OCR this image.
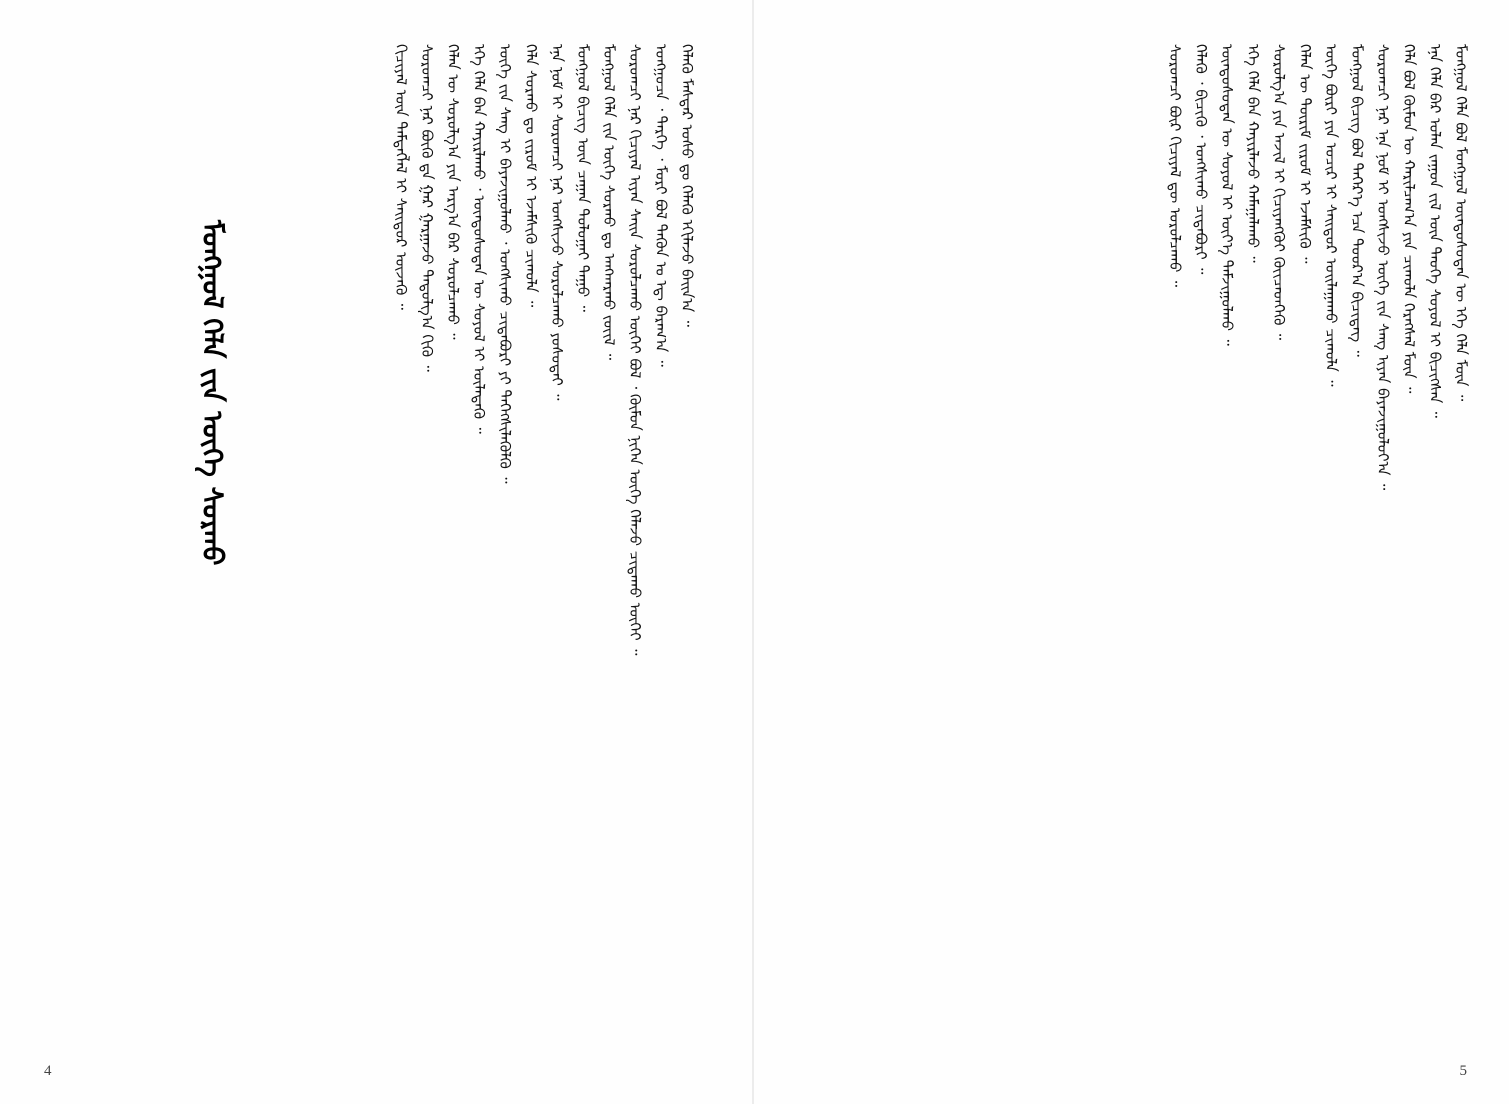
ᠬᠡᠯᠡᠬᠦ ᠮᠠᠰᠲᠠᠷ ᠤᠰᠤ ᠳᠤ ᠬᠡᠯᠡᠬᠦ ᠡᠬᠢᠯᠡᠵᠦ ᠪᠠᠢᠨ᠎ᠠ ᠃
ᠣᠩᠭᠤᠴᠠ ᠂ ᠲᠡᠷᠭᠡ ᠂ ᠮᠣᠷᠢ ᠪᠣᠯ ᠲᠡᠭᠦᠨ ᠤ ᠡᠳ᠋ ᠪᠠᠷᠠᠭ᠎ᠠ ᠃
ᠰᠤᠷᠤᠭᠴᠢ ᠨᠠᠷ ᠬᠢᠴᠢᠶᠡᠯ ᠢᠶᠡᠨ ᠰᠠᠢᠨ ᠰᠤᠷᠤᠯᠴᠠᠬᠤ ᠦᠭᠡᠢ ᠪᠣᠯ ᠂ ᠬᠦᠮᠦᠨ ᠨᠢᠭᠡᠨ ᠦᠭᠡ ᠬᠡᠯᠡᠵᠦ ᠴᠢᠳᠠᠬᠤ ᠦᠭᠡᠢ ᠃
ᠮᠣᠩᠭᠣᠯ ᠬᠡᠯᠡ ᠵᠢᠨ ᠦᠭᠡ ᠰᠤᠷᠬᠤ ᠳᠤ ᠠᠩᠬᠠᠷᠬᠤ ᠵᠦᠢᠯ ᠃
ᠮᠣᠩᠭᠣᠯ ᠪᠢᠴᠢᠭ ᠦᠨ ᠴᠠᠭᠠᠨ ᠲᠣᠯᠣᠭᠠᠢ ᠳᠠᠭᠤ ᠃
ᠡᠨᠡ ᠨᠣᠮ ᠢ ᠰᠤᠷᠤᠭᠴᠢ ᠨᠠᠷ ᠤᠩᠰᠢᠵᠤ ᠰᠤᠷᠤᠯᠴᠠᠬᠤ ᠶᠣᠰᠣᠲᠠᠢ ᠃
ᠬᠡᠯᠡ ᠰᠤᠷᠬᠤ ᠳᠤ ᠵᠢᠷᠤᠮ ᠢ ᠡᠵᠡᠮᠰᠢᠬᠦ ᠴᠢᠬᠤᠯᠠ ᠃
ᠦᠭᠡ ᠵᠢᠨ ᠰᠠᠩ ᠢ ᠪᠠᠶᠠᠵᠢᠭᠤᠯᠬᠤ ᠂ ᠤᠩᠰᠢᠬᠤ ᠴᠢᠳᠠᠪᠤᠷᠢ ᠶᠢ ᠳᠡᠭᠡᠭᠰᠢᠯᠡᠭᠦᠯᠬᠦ ᠃
ᠡᠬᠡ ᠬᠡᠯᠡ ᠪᠡᠨ ᠬᠠᠶᠢᠷᠯᠠᠬᠤ ᠂ ᠦᠨᠳᠦᠰᠦᠲᠡᠨ ᠦ ᠰᠣᠶᠣᠯ ᠢ ᠦᠯᠡᠳᠡᠬᠦ ᠃
ᠬᠡᠯᠡᠨ ᠦ ᠰᠤᠷᠤᠯᠭ᠎ᠠ ᠶᠢᠨ ᠠᠷᠭ᠎ᠠ ᠪᠠᠷ ᠰᠤᠷᠤᠯᠴᠠᠬᠤ ᠃
ᠰᠤᠷᠤᠭᠴᠢ ᠨᠠᠷ ᠪᠦᠬᠦ ᠳᠠ ᠭᠠᠷ ᠭᠠᠷᠭᠠᠵᠤ ᠳᠠᠳᠤᠯᠭ᠎ᠠ ᠬᠢᠬᠦ ᠃
ᠬᠢᠴᠢᠶᠡᠯ ᠦᠨ ᠲᠡᠮᠳᠡᠭᠯᠡᠯ ᠢ ᠰᠠᠢᠲᠤᠷ ᠦᠵᠡᠬᠦ ᠃
ᠮᠣᠩᠭᠣᠯ ᠬᠡᠯᠡ ᠵᠢᠨ ᠦᠭᠡ ᠰᠤᠷᠬᠤ
4
ᠮᠣᠩᠭᠣᠯ ᠬᠡᠯᠡ ᠪᠣᠯ ᠮᠣᠩᠭᠣᠯ ᠦᠨᠳᠦᠰᠦᠲᠡᠨ ᠦ ᠡᠬᠡ ᠬᠡᠯᠡ ᠮᠥᠨ ᠃
ᠡᠨᠡ ᠬᠡᠯᠡ ᠪᠡᠷ ᠣᠯᠠᠨ ᠵᠠᠭᠤᠨ ᠵᠢᠯ ᠦᠨ ᠲᠡᠦᠬᠡ ᠰᠣᠶᠣᠯ ᠢ ᠪᠢᠴᠢᠭᠰᠡᠨ ᠃
ᠬᠡᠯᠡ ᠪᠣᠯ ᠬᠦᠮᠦᠨ ᠦ ᠬᠠᠷᠢᠯᠴᠠᠭ᠎ᠠ ᠶᠢᠨ ᠴᠢᠬᠤᠯᠠ ᠬᠡᠷᠡᠭᠰᠡᠯ ᠮᠥᠨ ᠃
ᠰᠤᠷᠤᠭᠴᠢ ᠨᠠᠷ ᠡᠨᠡ ᠨᠣᠮ ᠢ ᠤᠩᠰᠢᠵᠤ ᠦᠭᠡ ᠵᠢᠨ ᠰᠠᠩ ᠢᠶᠠᠨ ᠪᠠᠶᠠᠵᠢᠭᠤᠯᠤᠶ᠎ᠠ ᠃
ᠮᠣᠩᠭᠣᠯ ᠪᠢᠴᠢᠭ ᠪᠣᠯ ᠳᠡᠭᠡᠷ᠎ᠡ ᠡᠴᠡ ᠳᠤᠤᠷ᠎ᠠ ᠪᠢᠴᠢᠳᠡᠭ ᠃
ᠦᠭᠡ ᠪᠦᠷᠢ ᠶᠢᠨ ᠤᠴᠢᠷ ᠢ ᠰᠠᠢᠲᠤᠷ ᠣᠢᠯᠠᠭᠠᠬᠤ ᠴᠢᠬᠤᠯᠠ ᠃
ᠬᠡᠯᠡᠨ ᠦ ᠳᠦᠷᠢᠮ ᠵᠢᠷᠤᠮ ᠢ ᠡᠵᠡᠮᠰᠢᠬᠦ ᠃
ᠰᠤᠷᠤᠯᠭ᠎ᠠ ᠶᠢᠨ ᠠᠵᠢᠯ ᠢ ᠬᠢᠴᠢᠶᠡᠩᠭᠦᠢ ᠭᠦᠢᠴᠡᠳᠬᠡᠬᠦ ᠃
ᠡᠬᠡ ᠬᠡᠯᠡ ᠪᠡᠨ ᠬᠠᠶᠢᠷᠯᠠᠵᠤ ᠬᠠᠮᠠᠭᠠᠯᠠᠬᠤ ᠃
ᠦᠨᠳᠦᠰᠦᠲᠡᠨ ᠦ ᠰᠣᠶᠣᠯ ᠢ ᠦᠶ᠎ᠡ ᠳᠠᠮᠵᠢᠭᠤᠯᠬᠤ ᠃
ᠬᠡᠯᠡᠬᠦ ᠂ ᠪᠢᠴᠢᠬᠦ ᠂ ᠤᠩᠰᠢᠬᠤ ᠴᠢᠳᠠᠪᠤᠷᠢ ᠃
ᠰᠤᠷᠤᠭᠴᠢ ᠪᠦᠷ ᠬᠢᠴᠢᠶᠡᠯ ᠳᠦ ᠣᠷᠣᠯᠴᠠᠬᠤ ᠃
5
